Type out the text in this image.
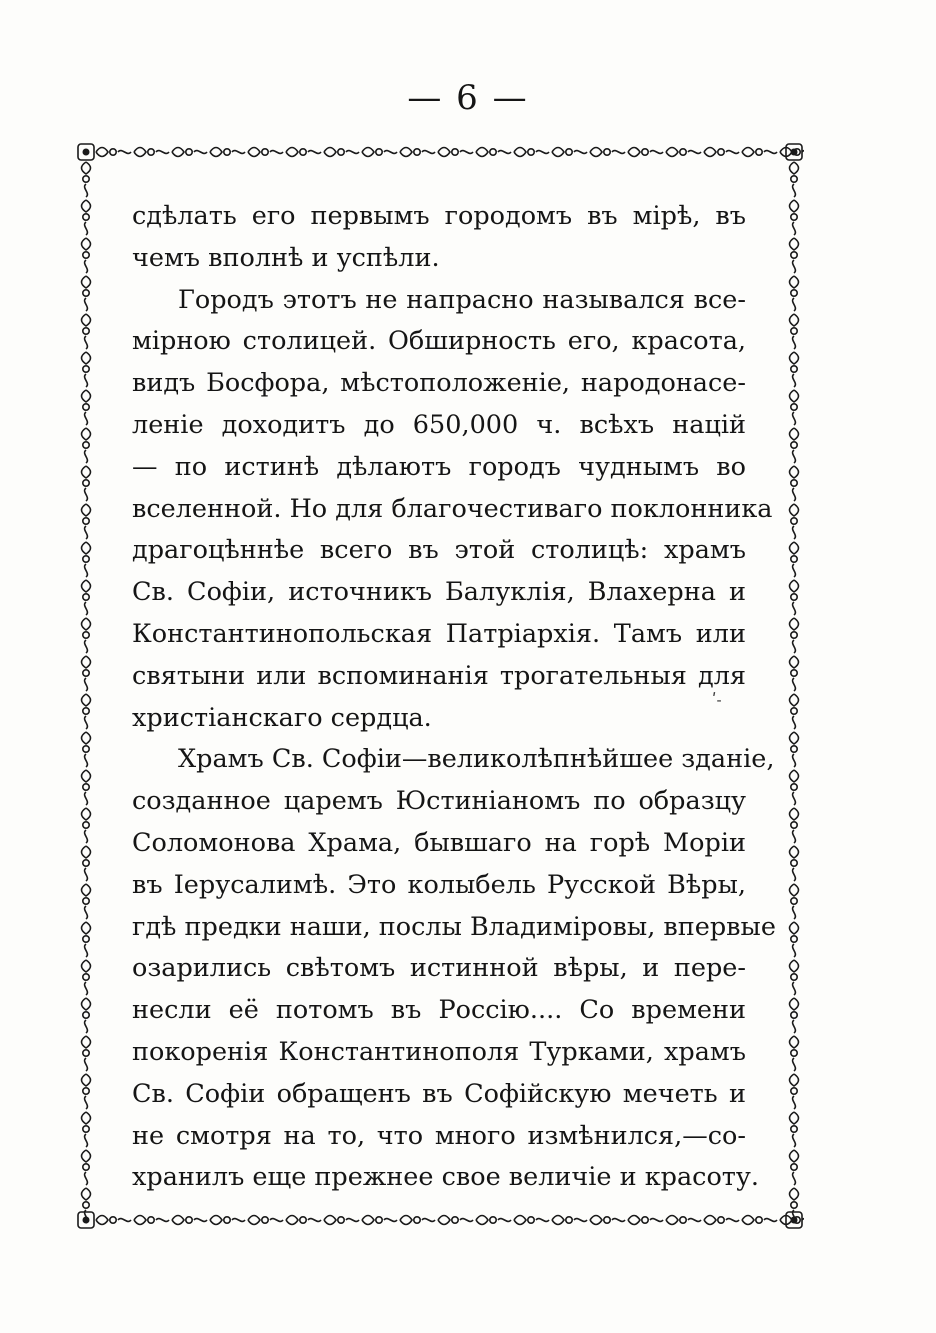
— 6 —
сдѣлать его первымъ городомъ въ мірѣ, въ
чемъ вполнѣ и успѣли.
Городъ этотъ не напрасно назывался все-
мірною столицей. Обширность его, красота,
видъ Босфора, мѣстоположеніе, народонасе-
леніе доходитъ до 650,000 ч. всѣхъ націй
— по истинѣ дѣлаютъ городъ чуднымъ во
вселенной. Но для благочестиваго поклонника
драгоцѣннѣе всего въ этой столицѣ: храмъ
Св. Софіи, источникъ Балуклія, Влахерна и
Константинопольская Патріархія. Тамъ или
святыни или вспоминанія трогательныя для
христіанскаго сердца.
Храмъ Св. Софіи—великолѣпнѣйшее зданіе,
созданное царемъ Юстиніаномъ по образцу
Соломонова Храма, бывшаго на горѣ Моріи
въ Іерусалимѣ. Это колыбель Русской Вѣры,
гдѣ предки наши, послы Владиміровы, впервые
озарились свѣтомъ истинной вѣры, и пере-
несли её потомъ въ Россію.... Со времени
покоренія Константинополя Турками, храмъ
Св. Софіи обращенъ въ Софійскую мечеть и
не смотря на то, что много измѣнился,—со-
хранилъ еще прежнее свое величіе и красоту.
ʹ˗
